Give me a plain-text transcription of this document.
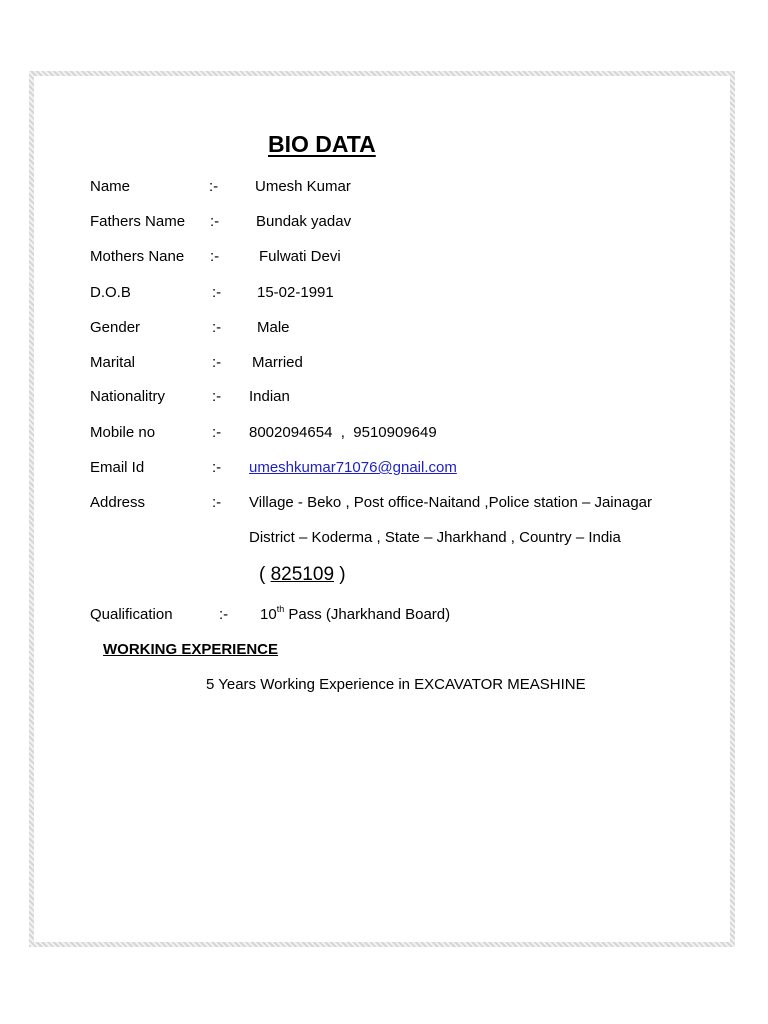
BIO DATA
Name	:- Umesh Kumar
Fathers Name :- Bundak yadav
Mothers Nane :-	Fulwati Devi
D.O.B	:- 15-02-1991
Gender	:- Male
Marital	:- Married
Nationalitry	:- Indian
Mobile no	:- 8002094654  ,  9510909649
Email Id	:- umeshkumar71076@gnail.com
Address	:- Village - Beko , Post office-Naitand ,Police station – Jainagar
District – Koderma , State – Jharkhand , Country – India
( 825109 )
Qualification	:- 10th Pass (Jharkhand Board)
WORKING EXPERIENCE
5 Years Working Experience in EXCAVATOR MEASHINE
